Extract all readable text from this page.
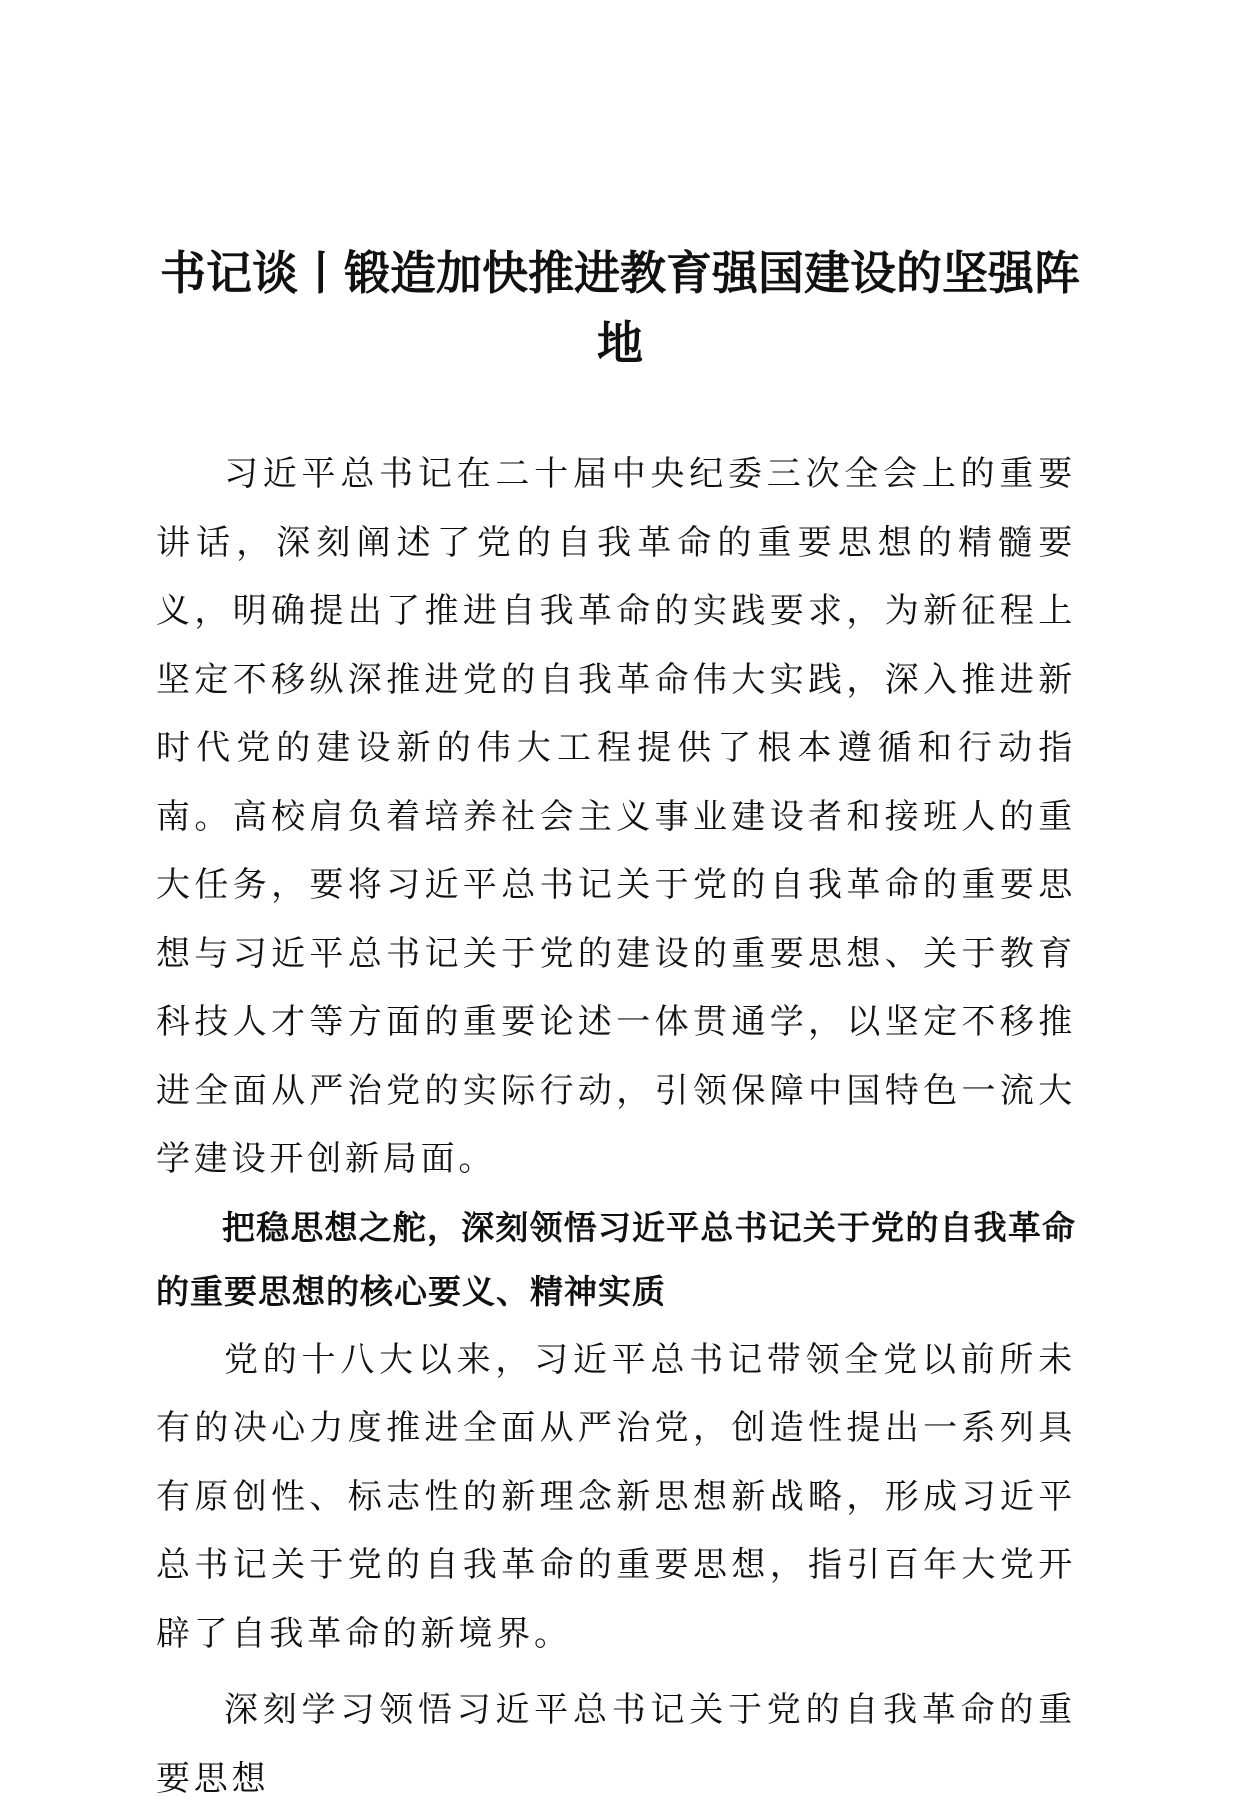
书记谈丨锻造加快推进教育强国建设的坚强阵地

习近平总书记在二十届中央纪委三次全会上的重要讲话，深刻阐述了党的自我革命的重要思想的精髓要义，明确提出了推进自我革命的实践要求，为新征程上坚定不移纵深推进党的自我革命伟大实践，深入推进新时代党的建设新的伟大工程提供了根本遵循和行动指南。高校肩负着培养社会主义事业建设者和接班人的重大任务，要将习近平总书记关于党的自我革命的重要思想与习近平总书记关于党的建设的重要思想、关于教育科技人才等方面的重要论述一体贯通学，以坚定不移推进全面从严治党的实际行动，引领保障中国特色一流大学建设开创新局面。

把稳思想之舵，深刻领悟习近平总书记关于党的自我革命的重要思想的核心要义、精神实质

党的十八大以来，习近平总书记带领全党以前所未有的决心力度推进全面从严治党，创造性提出一系列具有原创性、标志性的新理念新思想新战略，形成习近平总书记关于党的自我革命的重要思想，指引百年大党开辟了自我革命的新境界。

深刻学习领悟习近平总书记关于党的自我革命的重要思想
